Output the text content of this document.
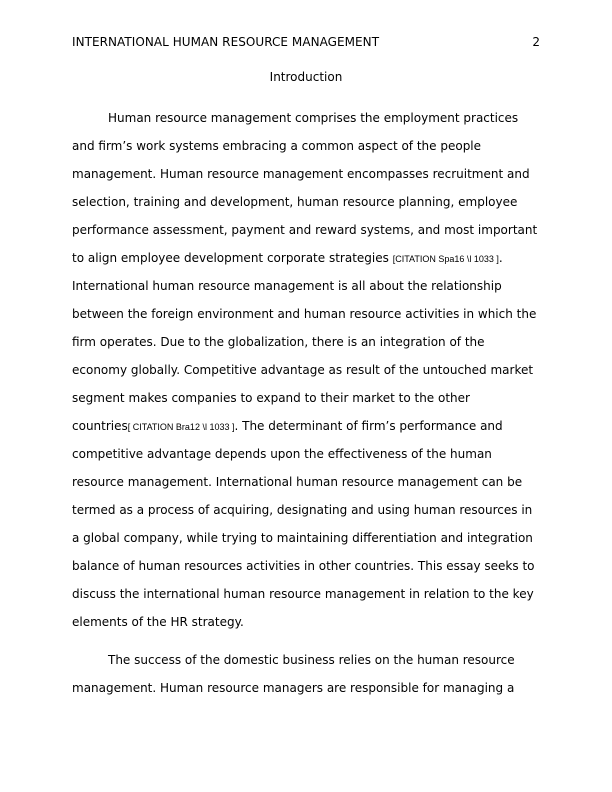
INTERNATIONAL HUMAN RESOURCE MANAGEMENT	2
Introduction
Human resource management comprises the employment practices
and firm’s work systems embracing a common aspect of the people
management. Human resource management encompasses recruitment and
selection, training and development, human resource planning, employee
performance assessment, payment and reward systems, and most important
to align employee development corporate strategies [CITATION Spa16 \l 1033 ].
International human resource management is all about the relationship
between the foreign environment and human resource activities in which the
firm operates. Due to the globalization, there is an integration of the
economy globally. Competitive advantage as result of the untouched market
segment makes companies to expand to their market to the other
countries[ CITATION Bra12 \l 1033 ]. The determinant of firm’s performance and
competitive advantage depends upon the effectiveness of the human
resource management. International human resource management can be
termed as a process of acquiring, designating and using human resources in
a global company, while trying to maintaining differentiation and integration
balance of human resources activities in other countries. This essay seeks to
discuss the international human resource management in relation to the key
elements of the HR strategy.
The success of the domestic business relies on the human resource
management. Human resource managers are responsible for managing a
